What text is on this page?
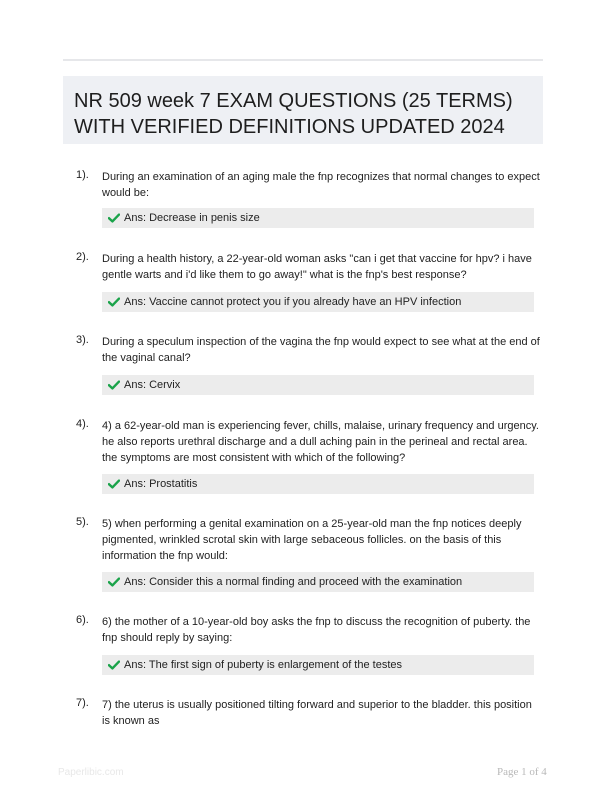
NR 509 week 7 EXAM QUESTIONS (25 TERMS)
WITH VERIFIED DEFINITIONS UPDATED 2024
1). During an examination of an aging male the fnp recognizes that normal changes to expect would be:
Ans: Decrease in penis size
2). During a health history, a 22-year-old woman asks "can i get that vaccine for hpv? i have gentle warts and i'd like them to go away!" what is the fnp's best response?
Ans: Vaccine cannot protect you if you already have an HPV infection
3). During a speculum inspection of the vagina the fnp would expect to see what at the end of the vaginal canal?
Ans: Cervix
4). 4) a 62-year-old man is experiencing fever, chills, malaise, urinary frequency and urgency. he also reports urethral discharge and a dull aching pain in the perineal and rectal area. the symptoms are most consistent with which of the following?
Ans: Prostatitis
5). 5) when performing a genital examination on a 25-year-old man the fnp notices deeply pigmented, wrinkled scrotal skin with large sebaceous follicles. on the basis of this information the fnp would:
Ans: Consider this a normal finding and proceed with the examination
6). 6) the mother of a 10-year-old boy asks the fnp to discuss the recognition of puberty. the fnp should reply by saying:
Ans: The first sign of puberty is enlargement of the testes
7). 7) the uterus is usually positioned tilting forward and superior to the bladder. this position is known as
Paperlibic.com	Page 1 of 4
